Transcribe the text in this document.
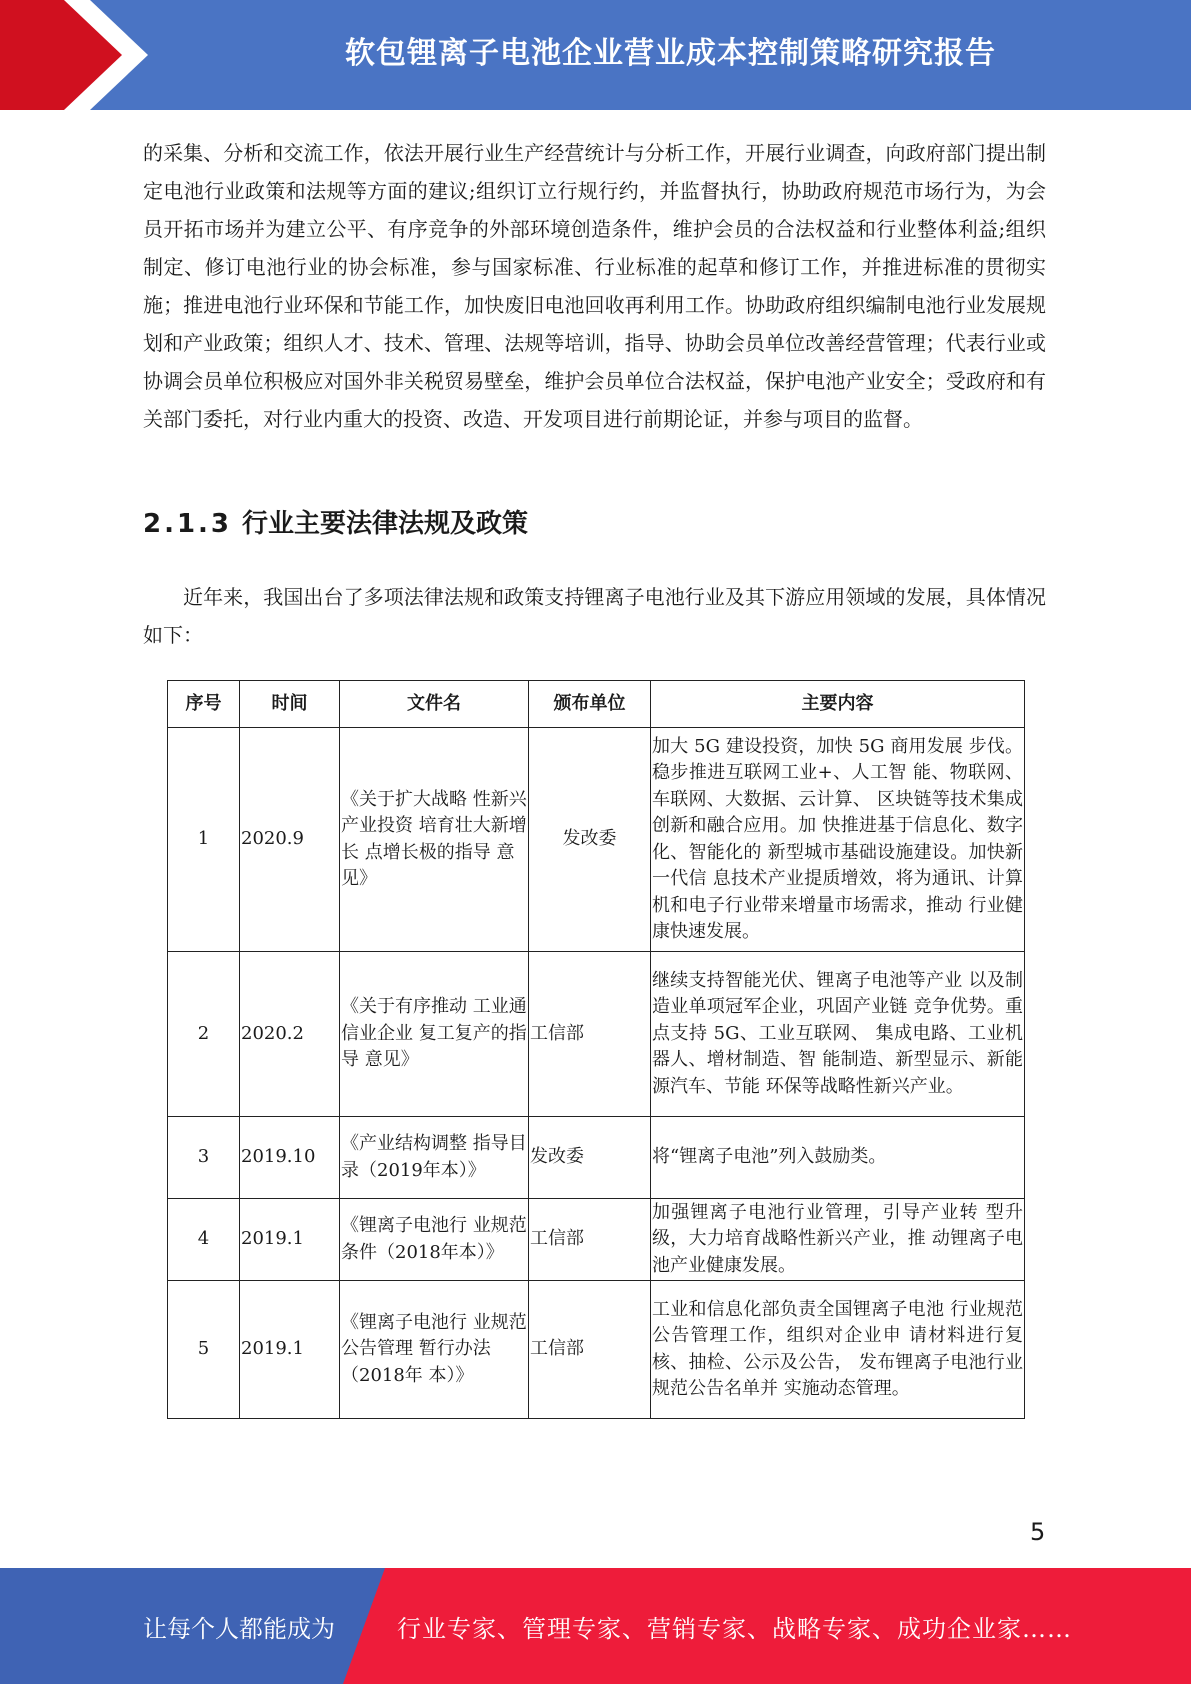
软包锂离子电池企业营业成本控制策略研究报告
的采集、分析和交流工作，依法开展行业生产经营统计与分析工作，开展行业调查，向政府部门提出制定电池行业政策和法规等方面的建议;组织订立行规行约，并监督执行，协助政府规范市场行为，为会员开拓市场并为建立公平、有序竞争的外部环境创造条件，维护会员的合法权益和行业整体利益;组织制定、修订电池行业的协会标准，参与国家标准、行业标准的起草和修订工作，并推进标准的贯彻实施；推进电池行业环保和节能工作，加快废旧电池回收再利用工作。协助政府组织编制电池行业发展规划和产业政策；组织人才、技术、管理、法规等培训，指导、协助会员单位改善经营管理；代表行业或协调会员单位积极应对国外非关税贸易壁垒，维护会员单位合法权益，保护电池产业安全；受政府和有关部门委托，对行业内重大的投资、改造、开发项目进行前期论证，并参与项目的监督。
2.1.3 行业主要法律法规及政策
近年来，我国出台了多项法律法规和政策支持锂离子电池行业及其下游应用领域的发展，具体情况如下：
序号	时间	文件名	颁布单位	主要内容
1	2020.9	《关于扩大战略 性新兴产业投资 培育壮大新增长 点增长极的指导 意见》	发改委	加大 5G 建设投资，加快 5G 商用发展 步伐。稳步推进互联网工业+、人工智 能、物联网、车联网、大数据、云计算、 区块链等技术集成创新和融合应用。加 快推进基于信息化、数字化、智能化的 新型城市基础设施建设。加快新一代信 息技术产业提质增效，将为通讯、计算机和电子行业带来增量市场需求，推动 行业健康快速发展。
2	2020.2	《关于有序推动 工业通信业企业 复工复产的指导 意见》	工信部	继续支持智能光伏、锂离子电池等产业 以及制造业单项冠军企业，巩固产业链 竞争优势。重点支持 5G、工业互联网、 集成电路、工业机器人、增材制造、智 能制造、新型显示、新能源汽车、节能 环保等战略性新兴产业。
3	2019.10	《产业结构调整 指导目录（2019年本）》	发改委	将“锂离子电池”列入鼓励类。
4	2019.1	《锂离子电池行 业规范条件（2018年本）》	工信部	加强锂离子电池行业管理，引导产业转 型升级，大力培育战略性新兴产业，推 动锂离子电池产业健康发展。
5	2019.1	《锂离子电池行 业规范公告管理 暂行办法（2018年 本）》	工信部	工业和信息化部负责全国锂离子电池 行业规范公告管理工作，组织对企业申 请材料进行复核、抽检、公示及公告， 发布锂离子电池行业规范公告名单并 实施动态管理。
5
让每个人都能成为	行业专家、管理专家、营销专家、战略专家、成功企业家……
